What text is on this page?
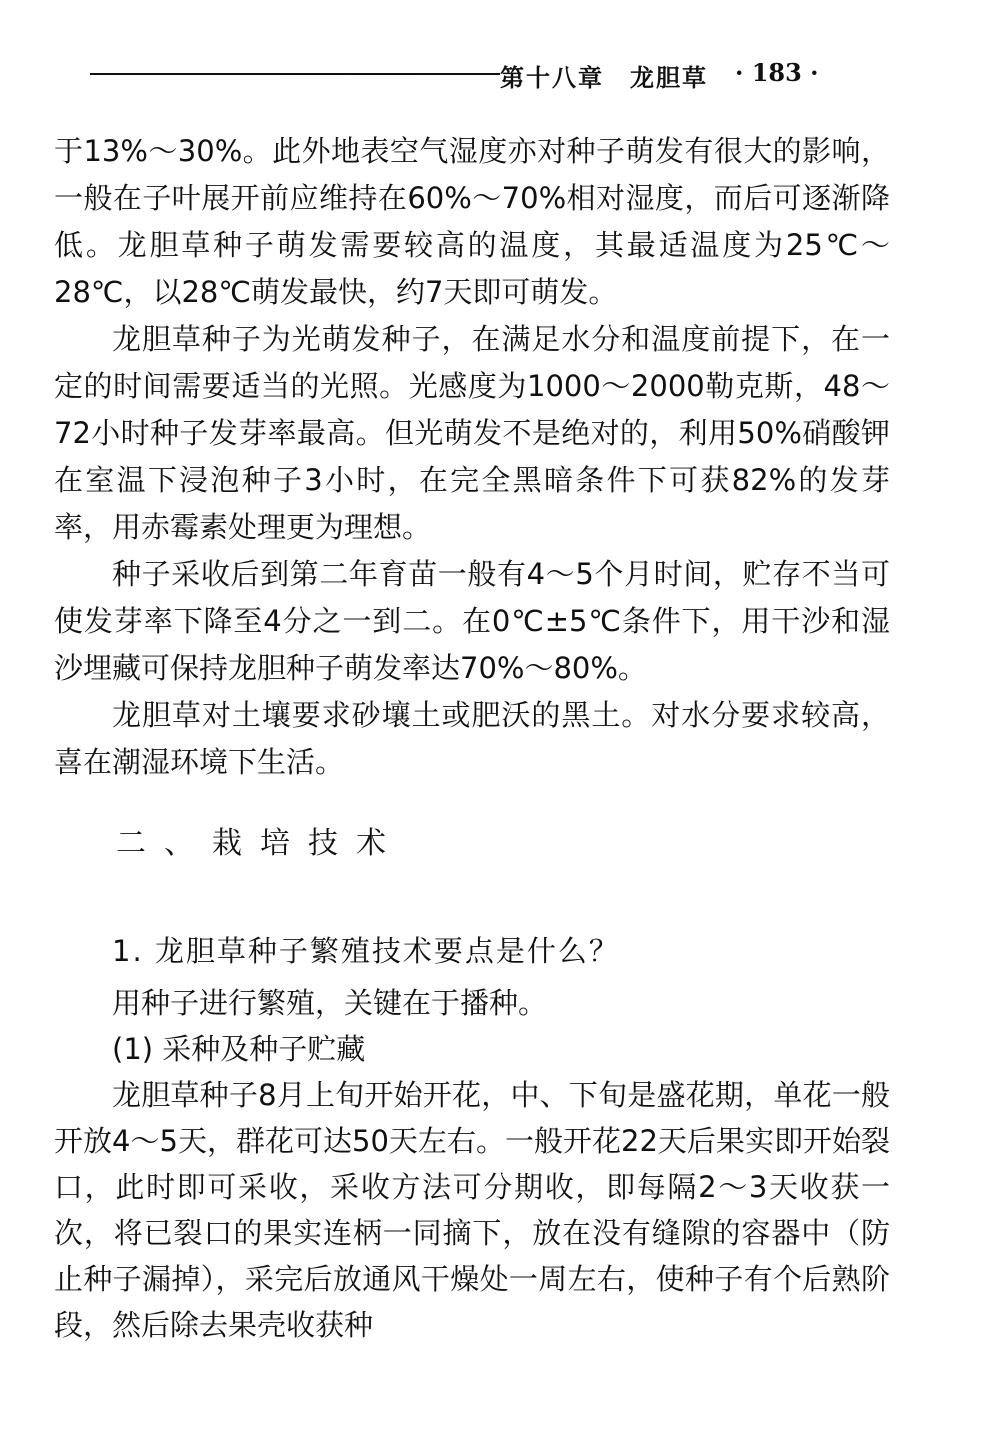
第十八章　龙胆草 · 183 ·

于13%～30%。此外地表空气湿度亦对种子萌发有很大的影响，一般在子叶展开前应维持在60%～70%相对湿度，而后可逐渐降低。龙胆草种子萌发需要较高的温度，其最适温度为25℃～28℃，以28℃萌发最快，约7天即可萌发。

龙胆草种子为光萌发种子，在满足水分和温度前提下，在一定的时间需要适当的光照。光感度为1000～2000勒克斯，48～72小时种子发芽率最高。但光萌发不是绝对的，利用50%硝酸钾在室温下浸泡种子3小时，在完全黑暗条件下可获82%的发芽率，用赤霉素处理更为理想。

种子采收后到第二年育苗一般有4～5个月时间，贮存不当可使发芽率下降至4分之一到二。在0℃±5℃条件下，用干沙和湿沙埋藏可保持龙胆种子萌发率达70%～80%。

龙胆草对土壤要求砂壤土或肥沃的黑土。对水分要求较高，喜在潮湿环境下生活。

二、栽培技术

1. 龙胆草种子繁殖技术要点是什么？

用种子进行繁殖，关键在于播种。

(1) 采种及种子贮藏

龙胆草种子8月上旬开始开花，中、下旬是盛花期，单花一般开放4～5天，群花可达50天左右。一般开花22天后果实即开始裂口，此时即可采收，采收方法可分期收，即每隔2～3天收获一次，将已裂口的果实连柄一同摘下，放在没有缝隙的容器中（防止种子漏掉），采完后放通风干燥处一周左右，使种子有个后熟阶段，然后除去果壳收获种
